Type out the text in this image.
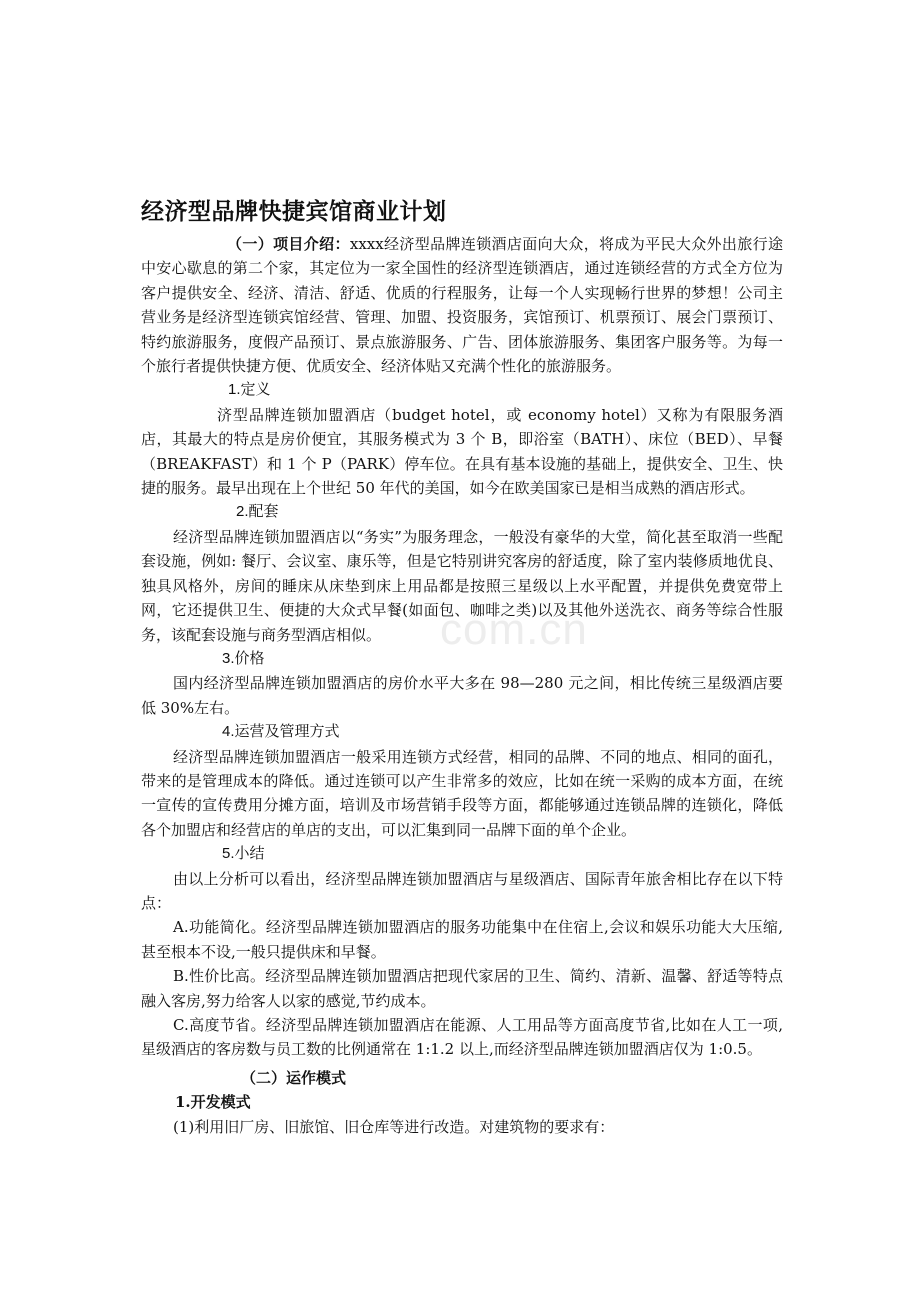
com.cn
经济型品牌快捷宾馆商业计划

（一）项目介绍：xxxx经济型品牌连锁酒店面向大众，将成为平民大众外出旅行途中安心歇息的第二个家，其定位为一家全国性的经济型连锁酒店，通过连锁经营的方式全方位为客户提供安全、经济、清洁、舒适、优质的行程服务，让每一个人实现畅行世界的梦想！公司主营业务是经济型连锁宾馆经营、管理、加盟、投资服务，宾馆预订、机票预订、展会门票预订、特约旅游服务，度假产品预订、景点旅游服务、广告、团体旅游服务、集团客户服务等。为每一个旅行者提供快捷方便、优质安全、经济体贴又充满个性化的旅游服务。

1.定义

济型品牌连锁加盟酒店（budget hotel，或 economy hotel）又称为有限服务酒店，其最大的特点是房价便宜，其服务模式为 3 个 B，即浴室（BATH）、床位（BED）、早餐（BREAKFAST）和 1 个 P（PARK）停车位。在具有基本设施的基础上，提供安全、卫生、快捷的服务。最早出现在上个世纪 50 年代的美国，如今在欧美国家已是相当成熟的酒店形式。

2.配套

经济型品牌连锁加盟酒店以“务实”为服务理念，一般没有豪华的大堂，简化甚至取消一些配套设施，例如: 餐厅、会议室、康乐等，但是它特别讲究客房的舒适度，除了室内装修质地优良、独具风格外，房间的睡床从床垫到床上用品都是按照三星级以上水平配置，并提供免费宽带上网，它还提供卫生、便捷的大众式早餐(如面包、咖啡之类)以及其他外送洗衣、商务等综合性服务，该配套设施与商务型酒店相似。

3.价格

国内经济型品牌连锁加盟酒店的房价水平大多在 98—280 元之间，相比传统三星级酒店要低 30%左右。

4.运营及管理方式

经济型品牌连锁加盟酒店一般采用连锁方式经营，相同的品牌、不同的地点、相同的面孔，带来的是管理成本的降低。通过连锁可以产生非常多的效应，比如在统一采购的成本方面，在统一宣传的宣传费用分摊方面，培训及市场营销手段等方面，都能够通过连锁品牌的连锁化，降低各个加盟店和经营店的单店的支出，可以汇集到同一品牌下面的单个企业。

5.小结

由以上分析可以看出，经济型品牌连锁加盟酒店与星级酒店、国际青年旅舍相比存在以下特点：

A.功能简化。经济型品牌连锁加盟酒店的服务功能集中在住宿上,会议和娱乐功能大大压缩,甚至根本不设,一般只提供床和早餐。

B.性价比高。经济型品牌连锁加盟酒店把现代家居的卫生、简约、清新、温馨、舒适等特点融入客房,努力给客人以家的感觉,节约成本。

C.高度节省。经济型品牌连锁加盟酒店在能源、人工用品等方面高度节省,比如在人工一项,星级酒店的客房数与员工数的比例通常在 1:1.2 以上,而经济型品牌连锁加盟酒店仅为 1:0.5。

（二）运作模式

1.开发模式

(1)利用旧厂房、旧旅馆、旧仓库等进行改造。对建筑物的要求有：
